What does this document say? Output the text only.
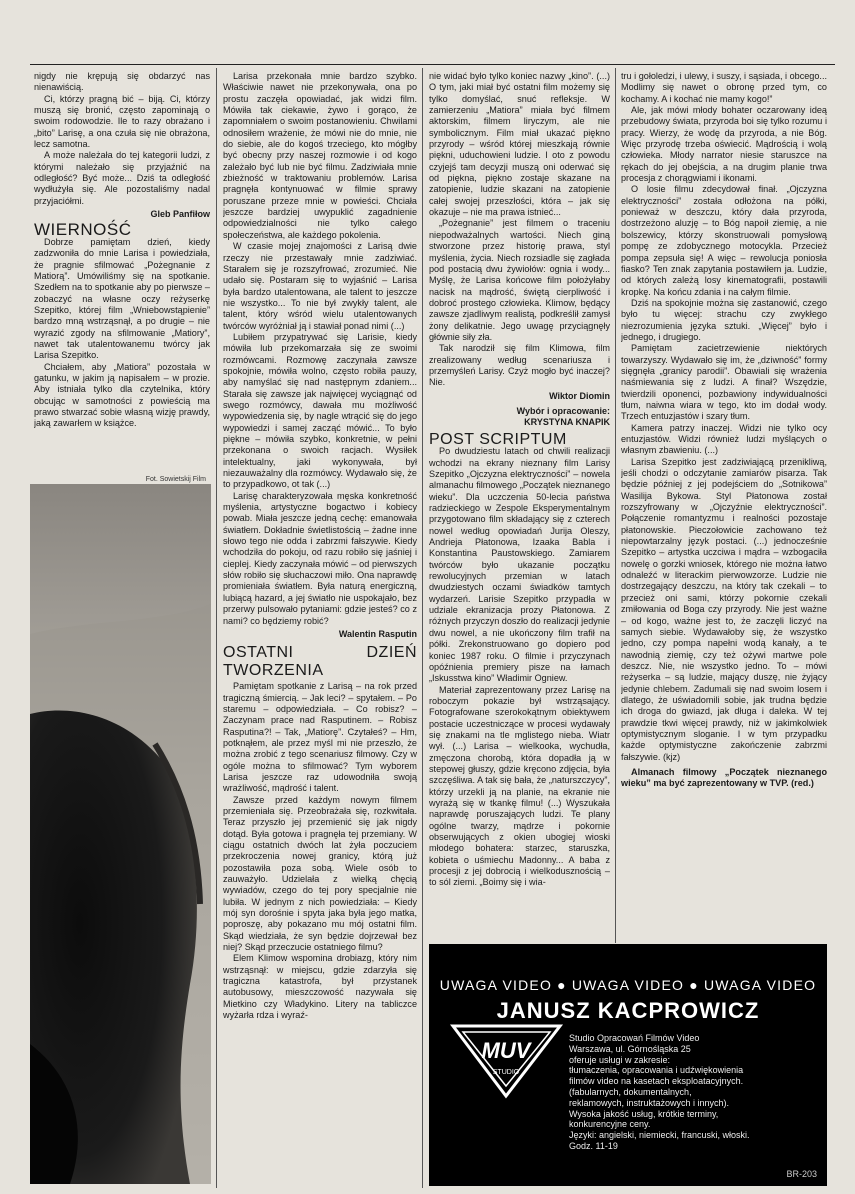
nigdy nie krępują się obdarzyć nas nienawiścią.

Ci, którzy pragną bić – biją. Ci, którzy muszą się bronić, często zapominają o swoim rodowodzie. Ile to razy obrażano i „bito” Larisę, a ona czuła się nie obrażona, lecz samotna.

A może należała do tej kategorii ludzi, z którymi należało się przyjaźnić na odległość? Być może... Dziś ta odległość wydłużyła się. Ale pozostaliśmy nadal przyjaciółmi.

Gleb Panfiłow
WIERNOŚĆ

Dobrze pamiętam dzień, kiedy zadzwoniła do mnie Larisa i powiedziała, że pragnie sfilmować „Pożegnanie z Matiorą”. Umówiliśmy się na spotkanie. Szedłem na to spotkanie aby po pierwsze – zobaczyć na własne oczy reżyserkę Szepitko, której film „Wniebowstąpienie” bardzo mną wstrząsnął, a po drugie – nie wyrazić zgody na sfilmowanie „Matiory”, nawet tak utalentowanemu twórcy jak Larisa Szepitko.

Chciałem, aby „Matiora” pozostała w gatunku, w jakim ją napisałem – w prozie. Aby istniała tylko dla czytelnika, który obcując w samotności z powieścią ma prawo stwarzać sobie własną wizję prawdy, jaką zawarłem w książce.

Fot. Sowietskij Film

Larisa przekonała mnie bardzo szybko. Właściwie nawet nie przekonywała, ona po prostu zaczęła opowiadać, jak widzi film. Mówiła tak ciekawie, żywo i gorąco, że zapomniałem o swoim postanowieniu. Chwilami odnosiłem wrażenie, że mówi nie do mnie, nie do siebie, ale do kogoś trzeciego, kto mógłby być obecny przy naszej rozmowie i od kogo zależało być lub nie być filmu. Zadziwiała mnie zbieżność w traktowaniu problemów. Larisa pragnęła kontynuować w filmie sprawy poruszane przeze mnie w powieści. Chciała jeszcze bardziej uwypuklić zagadnienie odpowiedzialności nie tylko całego społeczeństwa, ale każdego pokolenia.

W czasie mojej znajomości z Larisą dwie rzeczy nie przestawały mnie zadziwiać. Starałem się je rozszyfrować, zrozumieć. Nie udało się. Postaram się to wyjaśnić – Larisa była bardzo utalentowana, ale talent to jeszcze nie wszystko... To nie był zwykły talent, ale talent, który wśród wielu utalentowanych twórców wyróżniał ją i stawiał ponad nimi (...)

Lubiłem przypatrywać się Larisie, kiedy mówiła lub przekomarzała się ze swoimi rozmówcami. Rozmowę zaczynała zawsze spokojnie, mówiła wolno, często robiła pauzy, aby namyślać się nad następnym zdaniem... Starała się zawsze jak najwięcej wyciągnąć od swego rozmówcy, dawała mu możliwość wypowiedzenia się, by nagle wtrącić się do jego wypowiedzi i samej zacząć mówić... To było piękne – mówiła szybko, konkretnie, w pełni przekonana o swoich racjach. Wysiłek intelektualny, jaki wykonywała, był niezauważalny dla rozmówcy. Wydawało się, że to przypadkowo, ot tak (...)

Larisę charakteryzowała męska konkretność myślenia, artystyczne bogactwo i kobiecy powab. Miała jeszcze jedną cechę: emanowała światłem. Dokładnie świetlistością – żadne inne słowo tego nie odda i zabrzmi fałszywie. Kiedy wchodziła do pokoju, od razu robiło się jaśniej i cieplej. Kiedy zaczynała mówić – od pierwszych słów robiło się słuchaczowi miło. Ona naprawdę promieniała światłem. Była naturą energiczną, lubiącą hazard, a jej światło nie uspokajało, bez przerwy pulsowało pytaniami: gdzie jesteś? co z nami? co będziemy robić?

Walentin Rasputin
OSTATNI DZIEŃ TWORZENIA

Pamiętam spotkanie z Larisą – na rok przed tragiczną śmiercią. – Jak leci? – spytałem. – Po staremu – odpowiedziała. – Co robisz? – Zaczynam prace nad Rasputinem. – Robisz Rasputina?! – Tak, „Matiorę”. Czytałeś? – Hm, potknąłem, ale przez myśl mi nie przeszło, że można zrobić z tego scenariusz filmowy. Czy w ogóle można to sfilmować? Tym wyborem Larisa jeszcze raz udowodniła swoją wrażliwość, mądrość i talent.

Zawsze przed każdym nowym filmem przemieniała się. Przeobrażała się, rozkwitała. Teraz przyszło jej przemienić się jak nigdy dotąd. Była gotowa i pragnęła tej przemiany. W ciągu ostatnich dwóch lat żyła poczuciem przekroczenia nowej granicy, którą już pozostawiła poza sobą. Wiele osób to zauważyło. Udzielała z wielką chęcią wywiadów, czego do tej pory specjalnie nie lubiła. W jednym z nich powiedziała: – Kiedy mój syn dorośnie i spyta jaka była jego matka, poproszę, aby pokazano mu mój ostatni film. Skąd wiedziała, że syn będzie dojrzewał bez niej? Skąd przeczucie ostatniego filmu?

Elem Klimow wspomina drobiazg, który nim wstrząsnął: w miejscu, gdzie zdarzyła się tragiczna katastrofa, był przystanek autobusowy, mieszczowość nazywała się Mietkino czy Władykino. Litery na tabliczce wyżarła rdza i wyraź-

nie widać było tylko koniec nazwy „kino”. (...) O tym, jaki miał być ostatni film możemy się tylko domyślać, snuć refleksje. W zamierzeniu „Matiora” miała być filmem aktorskim, filmem liryczym, ale nie symbolicznym. Film miał ukazać piękno przyrody – wśród której mieszkają równie piękni, uduchowieni ludzie. I oto z powodu czyjejś tam decyzji muszą oni oderwać się od piękna, piękno zostaje skazane na zatopienie, ludzie skazani na zatopienie całej swojej przeszłości, która – jak się okazuje – nie ma prawa istnieć...

„Pożegnanie” jest filmem o traceniu niepodważalnych wartości. Niech giną stworzone przez historię prawa, styl myślenia, życia. Niech rozsiadle się zagłada pod postacią dwu żywiołów: ognia i wody... Myślę, że Larisa końcowe film położyłaby nacisk na mądrość, świętą cierpliwość i dobroć prostego człowieka. Klimow, będący zawsze zjadliwym realistą, podkreślił zamysł żony delikatnie. Jego uwagę przyciągnęły głównie siły zła.

Tak narodził się film Klimowa, film zrealizowany według scenariusza i przemyśleń Larisy. Czyż mogło być inaczej? Nie.

Wiktor Diomin
Wybór i opracowanie:
KRYSTYNA KNAPIK
POST SCRIPTUM

Po dwudziestu latach od chwili realizacji wchodzi na ekrany nieznany film Larisy Szepitko „Ojczyzna elektryczności” – nowela almanachu filmowego „Początek nieznanego wieku”. Dla uczczenia 50-lecia państwa radzieckiego w Zespole Eksperymentalnym przygotowano film składający się z czterech nowel według opowiadań Jurija Oleszy, Andrieja Płatonowa, Izaaka Babla i Konstantina Paustowskiego. Zamiarem twórców było ukazanie początku rewolucyjnych przemian w latach dwudziestych oczami świadków tamtych wydarzeń. Larisie Szepitko przypadła w udziale ekranizacja prozy Płatonowa. Z różnych przyczyn doszło do realizacji jedynie dwu nowel, a nie ukończony film trafił na półki. Zrekonstruowano go dopiero pod koniec 1987 roku. O filmie i przyczynach opóźnienia premiery pisze na łamach „Iskusstwa kino” Władimir Ogniew.

Materiał zaprezentowany przez Larisę na roboczym pokazie był wstrząsający. Fotografowane szerokokątnym obiektywem postacie uczestniczące w procesi wydawały się znakami na tle mglistego nieba. Wiatr wył. (...) Larisa – wielkooka, wychudła, zmęczona chorobą, która dopadła ją w stepowej głuszy, gdzie kręcono zdjęcia, była szczęśliwa. A tak się bała, że „naturszczycy”, którzy urzekli ją na planie, na ekranie nie wyrażą się w tkankę filmu! (...) Wyszukała naprawdę poruszających ludzi. Te plany ogólne twarzy, mądrze i pokornie obserwujących z okien ubogiej wioski młodego bohatera: starzec, staruszka, kobieta o uśmiechu Madonny... A baba z procesji z jej dobrocią i wielkodusznością – to sól ziemi. „Boimy się i wia-

tru i gołoledzi, i ulewy, i suszy, i sąsiada, i obcego... Modlimy się nawet o obronę przed tym, co kochamy. A i kochać nie mamy kogo!”

Ale, jak mówi młody bohater oczarowany ideą przebudowy świata, przyroda boi się tylko rozumu i pracy. Wierzy, że wodę da przyroda, a nie Bóg. Więc przyrodę trzeba oświecić. Mądrością i wolą człowieka. Młody narrator niesie staruszce na rękach do jej obejścia, a na drugim planie trwa procesja z chorągwiami i ikonami.

O losie filmu zdecydował finał. „Ojczyzna elektryczności” została odłożona na półki, ponieważ w deszczu, który dała przyroda, dostrzeżono aluzję – to Bóg napoił ziemię, a nie bolszewicy, którzy skonstruowali pomysłową pompę ze zdobycznego motocykla. Przecież pompa zepsuła się! A więc – rewolucja poniosła fiasko? Ten znak zapytania postawiłem ja. Ludzie, od których zależą losy kinematografii, postawili kropkę. Na końcu zdania i na całym filmie.

Dziś na spokojnie można się zastanowić, czego było tu więcej: strachu czy zwykłego niezrozumienia języka sztuki. „Więcej” było i jednego, i drugiego.

Pamiętam zacietrzewienie niektórych towarzyszy. Wydawało się im, że „dziwność” formy sięgnęła „granicy parodii”. Obawiali się wrażenia naśmiewania się z ludzi. A finał? Wszędzie, twierdzili oponenci, pozbawiony indywidualności tłum, naiwna wiara w tego, kto im dodał wody. Trzech entuzjastów i szary tłum.

Kamera patrzy inaczej. Widzi nie tylko ocy entuzjastów. Widzi również ludzi myślących o własnym zbawieniu. (...)

Larisa Szepitko jest zadziwiającą przenikliwą, jeśli chodzi o odczytanie zamiarów pisarza. Tak będzie później z jej podejściem do „Sotnikowa” Wasilija Bykowa. Styl Płatonowa został rozszyfrowany w „Ojczyźnie elektryczności”. Połączenie romantyzmu i realności pozostaje płatonowskie. Pieczołowicie zachowano też niepowtarzalny język postaci. (...) jednocześnie Szepitko – artystka uczciwa i mądra – wzbogaciła nowelę o gorzki wniosek, którego nie można łatwo odnaleźć w literackim pierwowzorze. Ludzie nie dostrzegający deszczu, na który tak czekali – to przecież oni sami, którzy pokornie czekali zmiłowania od Boga czy przyrody. Nie jest ważne – od kogo, ważne jest to, że zaczęli liczyć na samych siebie. Wydawałoby się, że wszystko jedno, czy pompa napełni wodą kanały, a te nawodnią ziemię, czy też ożywi martwe pole deszcz. Nie, nie wszystko jedno. To – mówi reżyserka – są ludzie, mający duszę, nie żyjący jedynie chlebem. Zadumali się nad swoim losem i dlatego, że uświadomili sobie, jak trudna będzie ich droga do gwiazd, jak długa i daleka. W tej prawdzie tkwi więcej prawdy, niż w jakimkolwiek optymistycznym sloganie. I w tym przypadku każde optymistyczne zakończenie zabrzmi fałszywie. (kjz)

Almanach filmowy „Początek nieznanego wieku” ma być zaprezentowany w TVP. (red.)

UWAGA VIDEO ● UWAGA VIDEO ● UWAGA VIDEO
JANUSZ KACPROWICZ
MUV
STUDIO
Studio Opracowań Filmów Video
Warszawa, ul. Górnośląska 25
oferuje usługi w zakresie:
tłumaczenia, opracowania i udźwiękowienia
filmów video na kasetach eksploatacyjnych.
(fabularnych, dokumentalnych,
reklamowych, instruktażowych i innych).
Wysoka jakość usług, krótkie terminy,
konkurencyjne ceny.
Języki: angielski, niemiecki, francuski, włoski.
Godz. 11-19
BR-203
